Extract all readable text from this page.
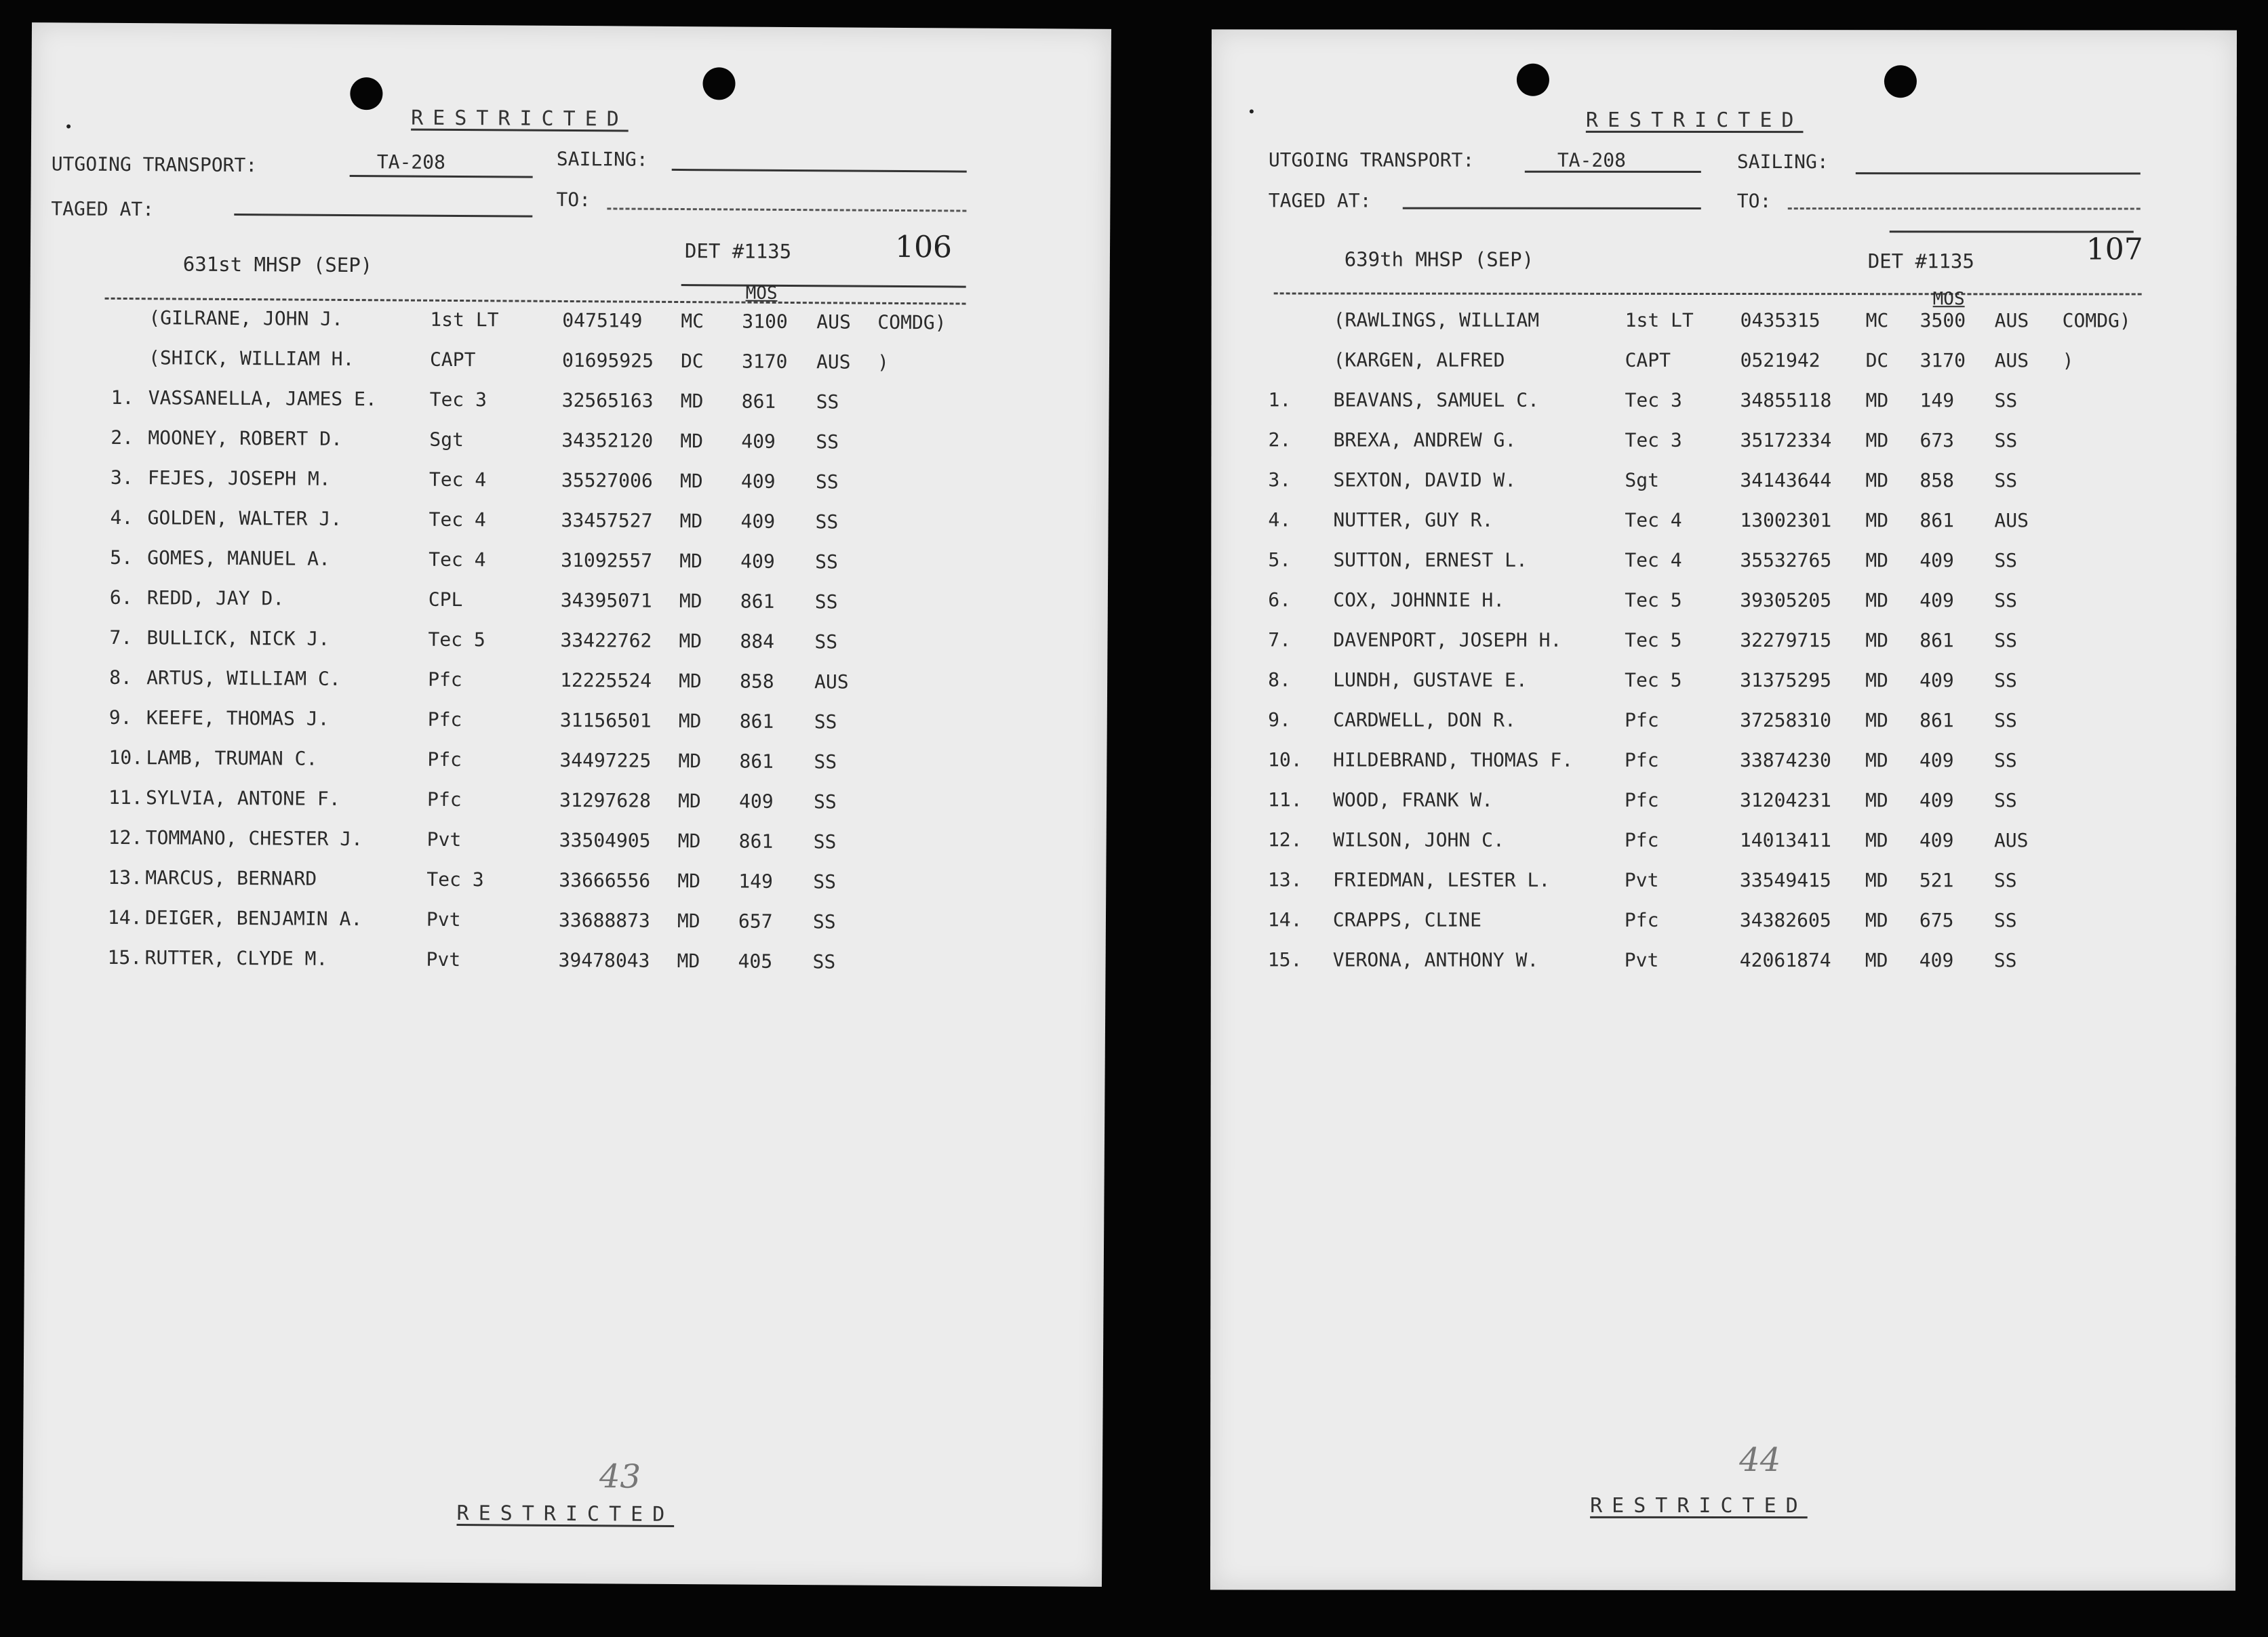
RESTRICTED
UTGOING TRANSPORT:	TA-208	SAILING:
TAGED AT:	TO:
631st MHSP (SEP)
DET #1135	106
MOS
(GILRANE, JOHN J.	1st LT	0475149 MC 3100 AUS COMDG)
(SHICK, WILLIAM H.	CAPT	01695925 DC 3170 AUS )
1. VASSANELLA, JAMES E.	Tec 3	32565163 MD 861 SS
2. MOONEY, ROBERT D.	Sgt	34352120 MD 409 SS
3. FEJES, JOSEPH M.	Tec 4	35527006 MD 409 SS
4. GOLDEN, WALTER J.	Tec 4	33457527 MD 409 SS
5. GOMES, MANUEL A.	Tec 4	31092557 MD 409 SS
6. REDD, JAY D.	CPL	34395071 MD 861 SS
7. BULLICK, NICK J.	Tec 5	33422762 MD 884 SS
8. ARTUS, WILLIAM C.	Pfc	12225524 MD 858 AUS
9. KEEFE, THOMAS J.	Pfc	31156501 MD 861 SS
10. LAMB, TRUMAN C.	Pfc	34497225 MD 861 SS
11. SYLVIA, ANTONE F.	Pfc	31297628 MD 409 SS
12. TOMMANO, CHESTER J.	Pvt	33504905 MD 861 SS
13. MARCUS, BERNARD	Tec 3	33666556 MD 149 SS
14. DEIGER, BENJAMIN A.	Pvt	33688873 MD 657 SS
15. RUTTER, CLYDE M.	Pvt	39478043 MD 405 SS
43
RESTRICTED
RESTRICTED
UTGOING TRANSPORT:	TA-208	SAILING:
TAGED AT:	TO:
639th MHSP (SEP)	DET #1135	107
MOS
(RAWLINGS, WILLIAM	1st LT 0435315 MC 3500 AUS COMDG)
(KARGEN, ALFRED	CAPT	0521942 DC 3170 AUS )
1. BEAVANS, SAMUEL C.	Tec 3	34855118 MD 149 SS
2. BREXA, ANDREW G.	Tec 3	35172334 MD 673 SS
3. SEXTON, DAVID W.	Sgt	34143644 MD 858 SS
4. NUTTER, GUY R.	Tec 4	13002301 MD 861 AUS
5. SUTTON, ERNEST L.	Tec 4	35532765 MD 409 SS
6. COX, JOHNNIE H.	Tec 5	39305205 MD 409 SS
7. DAVENPORT, JOSEPH H.	Tec 5	32279715 MD 861 SS
8. LUNDH, GUSTAVE E.	Tec 5	31375295 MD 409 SS
9. CARDWELL, DON R.	Pfc	37258310 MD 861 SS
10. HILDEBRAND, THOMAS F.	Pfc	33874230 MD 409 SS
11. WOOD, FRANK W.	Pfc	31204231 MD 409 SS
12. WILSON, JOHN C.	Pfc	14013411 MD 409 AUS
13. FRIEDMAN, LESTER L.	Pvt	33549415 MD 521 SS
14. CRAPPS, CLINE	Pfc	34382605 MD 675 SS
15. VERONA, ANTHONY W.	Pvt	42061874 MD 409 SS
44
RESTRICTED
